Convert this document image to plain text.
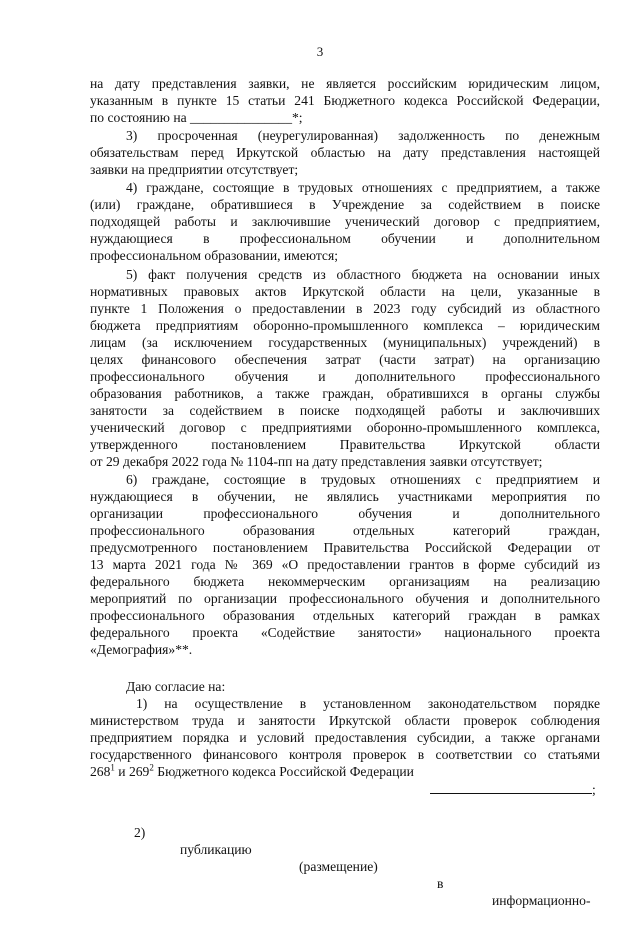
3
на дату представления заявки, не является российским юридическим лицом,
указанным в пункте 15 статьи 241 Бюджетного кодекса Российской Федерации,
по состоянию на _______________*;
3) просроченная (неурегулированная) задолженность по денежным
обязательствам перед Иркутской областью на дату представления настоящей
заявки на предприятии отсутствует;
4) граждане, состоящие в трудовых отношениях с предприятием, а также
(или) граждане, обратившиеся в Учреждение за содействием в поиске
подходящей работы и заключившие ученический договор с предприятием,
нуждающиеся в профессиональном обучении и дополнительном
профессиональном образовании, имеются;
5) факт получения средств из областного бюджета на основании иных
нормативных правовых актов Иркутской области на цели, указанные в
пункте 1 Положения о предоставлении в 2023 году субсидий из областного
бюджета предприятиям оборонно-промышленного комплекса – юридическим
лицам (за исключением государственных (муниципальных) учреждений) в
целях финансового обеспечения затрат (части затрат) на организацию
профессионального обучения и дополнительного профессионального
образования работников, а также граждан, обратившихся в органы службы
занятости за содействием в поиске подходящей работы и заключивших
ученический договор с предприятиями оборонно-промышленного комплекса,
утвержденного постановлением Правительства Иркутской области
от 29 декабря 2022 года № 1104-пп на дату представления заявки отсутствует;
6) граждане, состоящие в трудовых отношениях с предприятием и
нуждающиеся в обучении, не являлись участниками мероприятия по
организации профессионального обучения и дополнительного
профессионального образования отдельных категорий граждан,
предусмотренного постановлением Правительства Российской Федерации от
13 марта 2021 года № 369 «О предоставлении грантов в форме субсидий из
федерального бюджета некоммерческим организациям на реализацию
мероприятий по организации профессионального обучения и дополнительного
профессионального образования отдельных категорий граждан в рамках
федерального проекта «Содействие занятости» национального проекта
«Демография»**.
Даю согласие на:
1) на осуществление в установленном законодательством порядке
министерством труда и занятости Иркутской области проверок соблюдения
предприятием порядка и условий предоставления субсидии, а также органами
государственного финансового контроля проверок в соответствии со статьями
$268^1$ и $269^2$ Бюджетного кодекса Российской Федерации
;

2)

публикацию

(размещение)

в

информационно-
